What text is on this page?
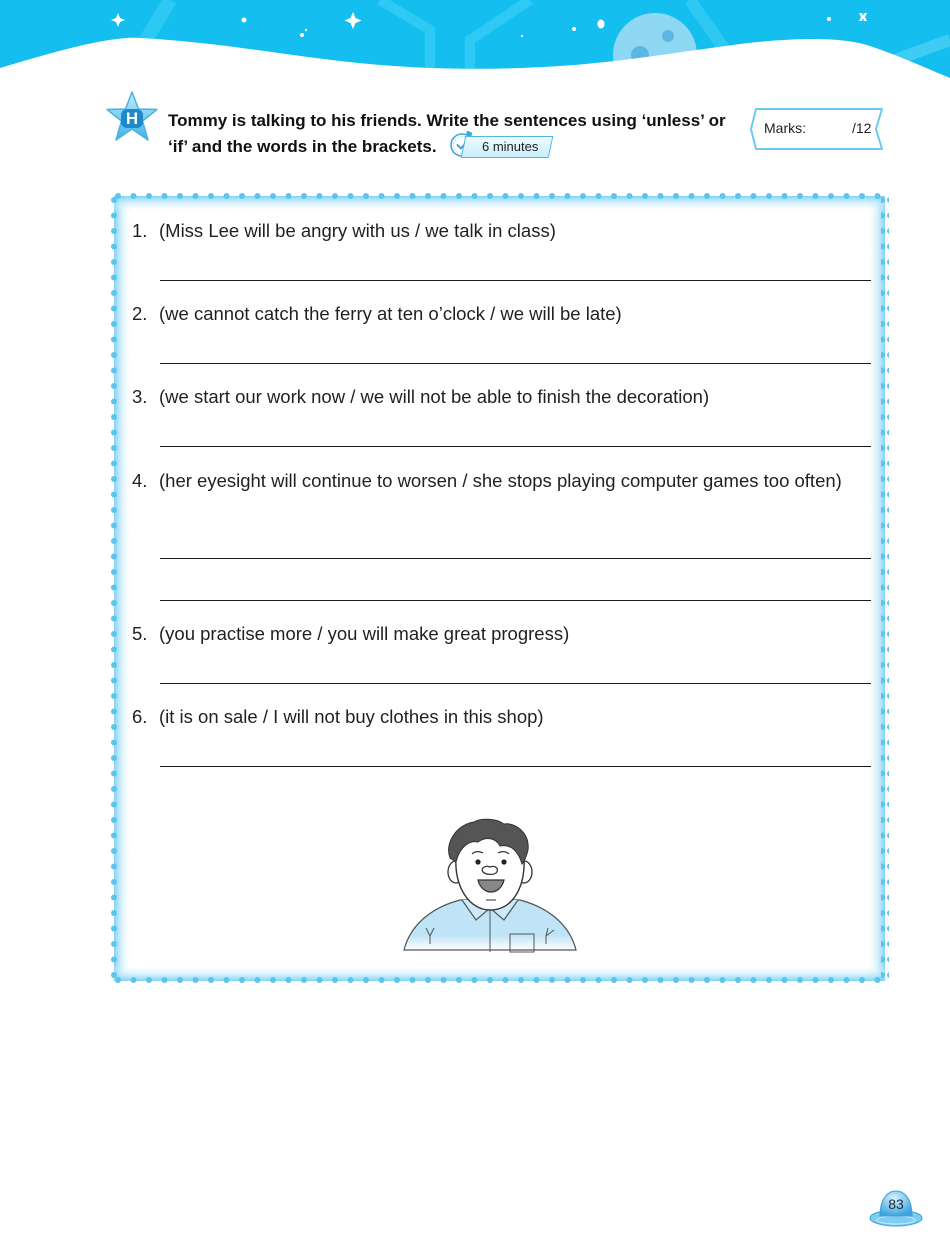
H Tommy is talking to his friends. Write the sentences using ‘unless’ or
‘if’ and the words in the brackets.	6 minutes
Marks:	/12
1. (Miss Lee will be angry with us / we talk in class)
2. (we cannot catch the ferry at ten o’clock / we will be late)
3. (we start our work now / we will not be able to finish the decoration)
4. (her eyesight will continue to worsen / she stops playing computer games too often)
5. (you practise more / you will make great progress)
6. (it is on sale / I will not buy clothes in this shop)
83
